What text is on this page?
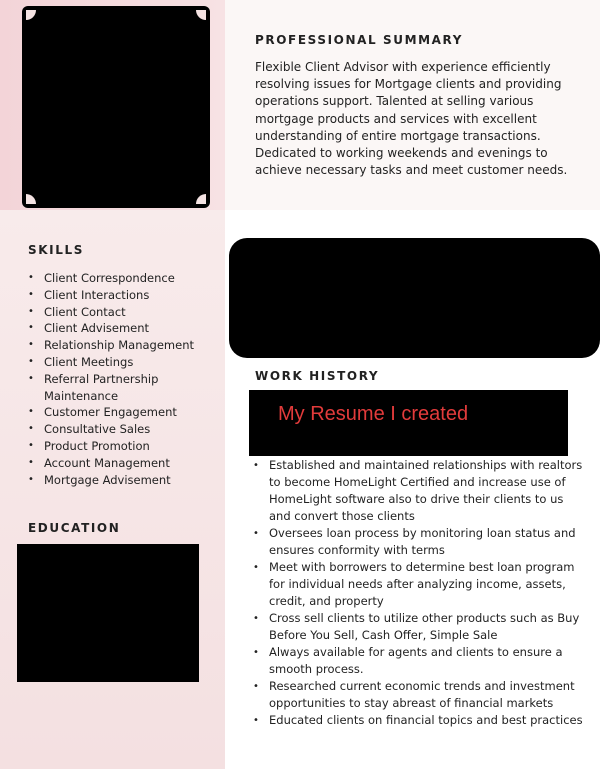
PROFESSIONAL SUMMARY

Flexible Client Advisor with experience efficiently resolving issues for Mortgage clients and providing operations support. Talented at selling various mortgage products and services with excellent understanding of entire mortgage transactions. Dedicated to working weekends and evenings to achieve necessary tasks and meet customer needs.

SKILLS
• Client Correspondence
• Client Interactions
• Client Contact
• Client Advisement
• Relationship Management
• Client Meetings
• Referral Partnership Maintenance
• Customer Engagement
• Consultative Sales
• Product Promotion
• Account Management
• Mortgage Advisement
EDUCATION
WORK HISTORY
My Resume I created
• Established and maintained relationships with realtors to become HomeLight Certified and increase use of HomeLight software also to drive their clients to us and convert those clients
• Oversees loan process by monitoring loan status and ensures conformity with terms
• Meet with borrowers to determine best loan program for individual needs after analyzing income, assets, credit, and property
• Cross sell clients to utilize other products such as Buy Before You Sell, Cash Offer, Simple Sale
• Always available for agents and clients to ensure a smooth process.
• Researched current economic trends and investment opportunities to stay abreast of financial markets
• Educated clients on financial topics and best practices
